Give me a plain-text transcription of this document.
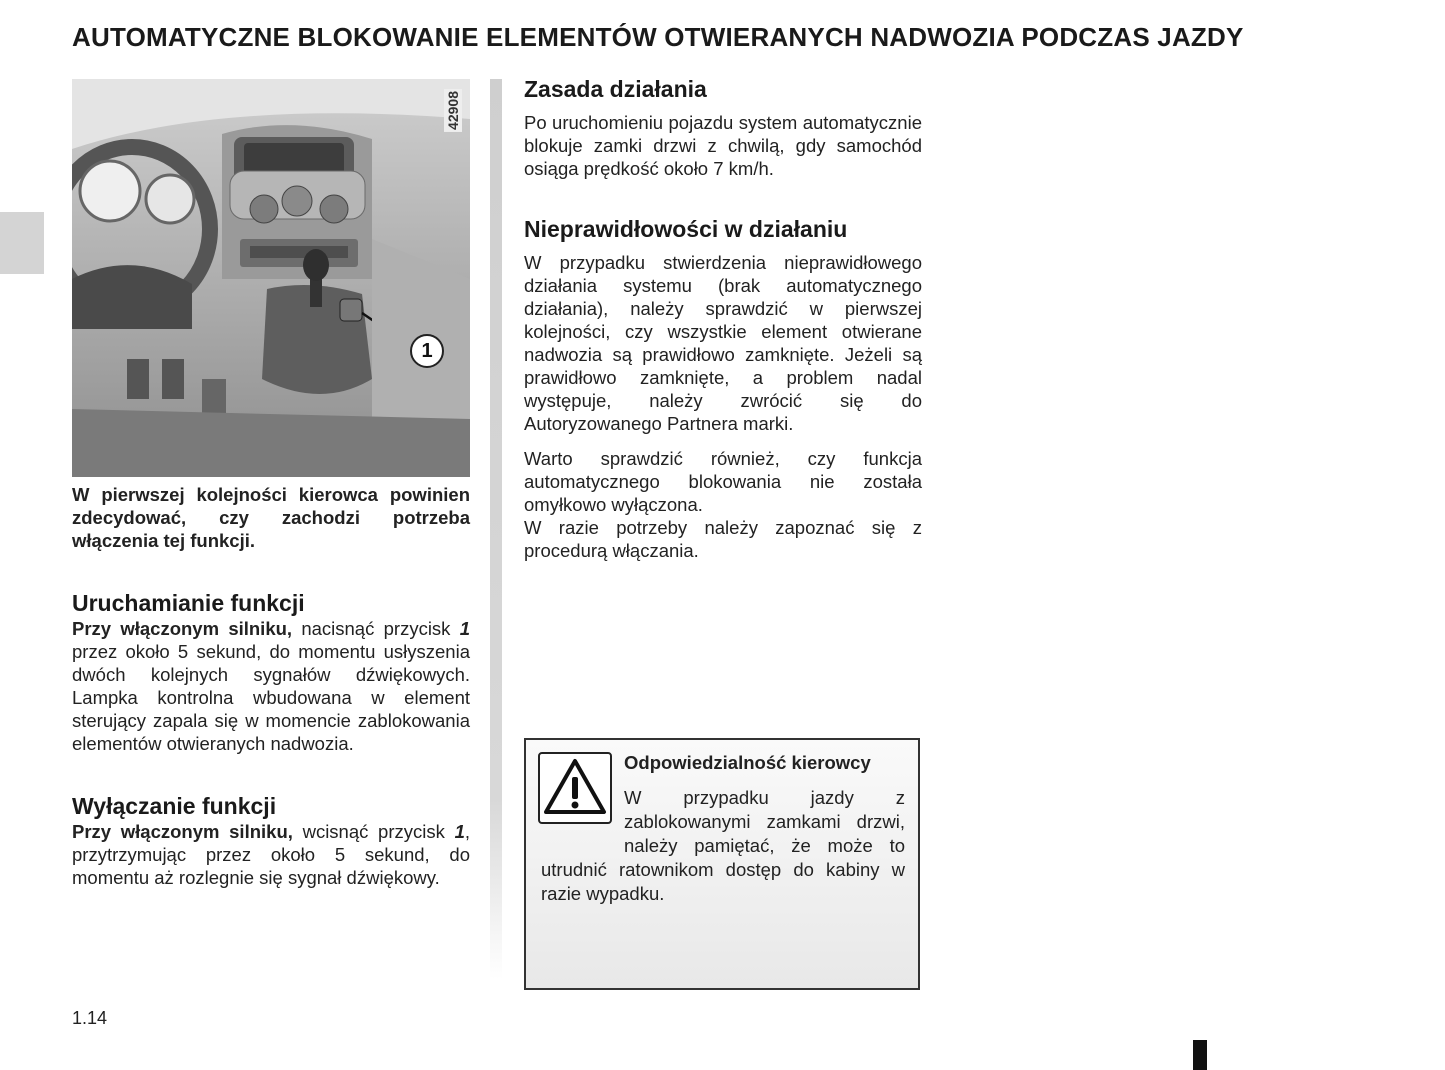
AUTOMATYCZNE BLOKOWANIE ELEMENTÓW OTWIERANYCH NADWOZIA PODCZAS JAZDY
42908
1

W pierwszej kolejności kierowca powinien zdecydować, czy zachodzi potrzeba włączenia tej funkcji.

Uruchamianie funkcji

Przy włączonym silniku, nacisnąć przycisk 1 przez około 5 sekund, do momentu usłyszenia dwóch kolejnych sygnałów dźwiękowych. Lampka kontrolna wbudowana w element sterujący zapala się w momencie zablokowania elementów otwieranych nadwozia.

Wyłączanie funkcji

Przy włączonym silniku, wcisnąć przycisk 1, przytrzymując przez około 5 sekund, do momentu aż rozlegnie się sygnał dźwiękowy.

Zasada działania

Po uruchomieniu pojazdu system automatycznie blokuje zamki drzwi z chwilą, gdy samochód osiąga prędkość około 7 km/h.

Nieprawidłowości w działaniu

W przypadku stwierdzenia nieprawidłowego działania systemu (brak automatycznego działania), należy sprawdzić w pierwszej kolejności, czy wszystkie element otwierane nadwozia są prawidłowo zamknięte. Jeżeli są prawidłowo zamknięte, a problem nadal występuje, należy zwrócić się do Autoryzowanego Partnera marki.

Warto sprawdzić również, czy funkcja automatycznego blokowania nie została omyłkowo wyłączona.

W razie potrzeby należy zapoznać się z procedurą włączania.

Odpowiedzialność kierowcy
W przypadku jazdy z zablokowanymi zamkami drzwi, należy pamiętać, że może to utrudnić ratownikom dostęp do kabiny w razie wypadku.
1.14
